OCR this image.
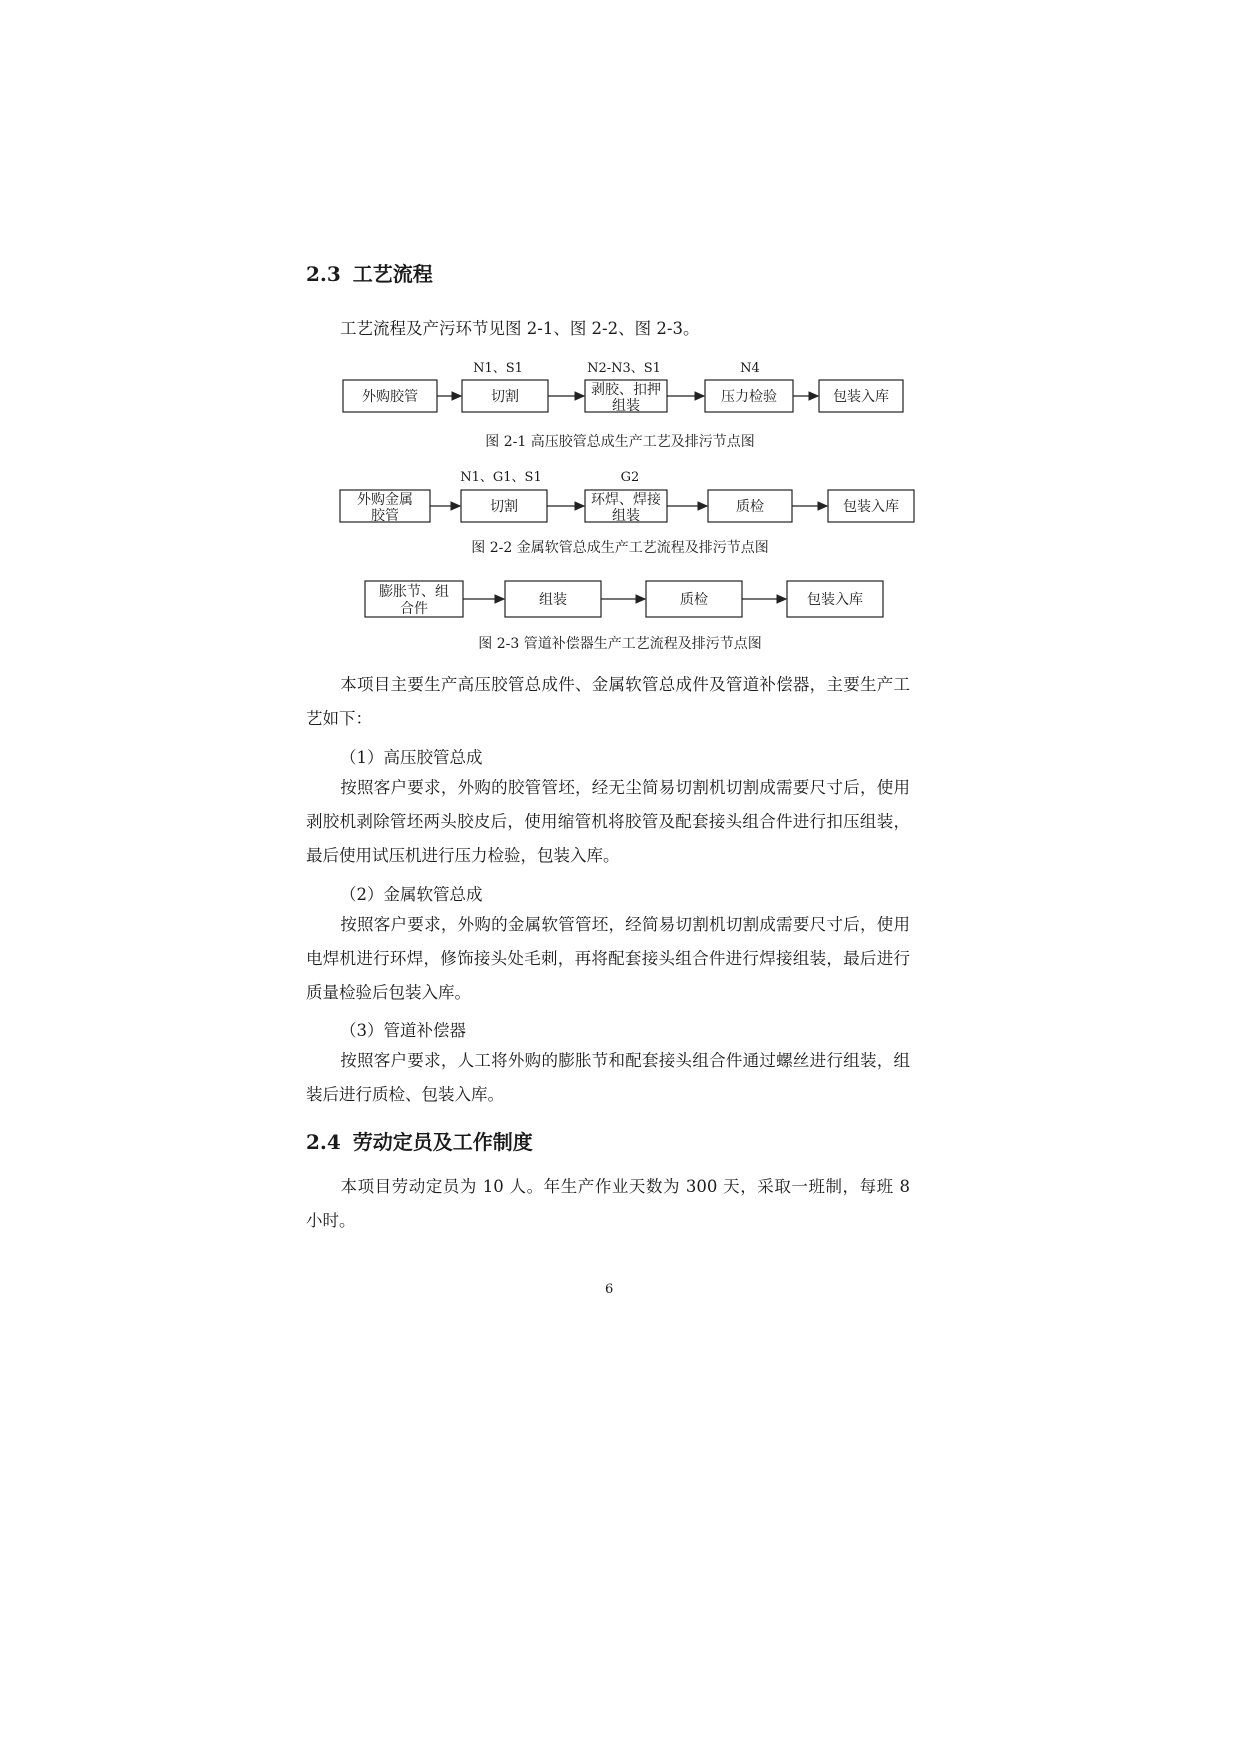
2.3 工艺流程

工艺流程及产污环节见图 2-1、图 2-2、图 2-3。

N1、S1	N2-N3、S1	N4
外购胶管	切割	剥胶、扣押
组装
压力检验	包装入库

图 2-1 高压胶管总成生产工艺及排污节点图

N1、G1、S1	G2
外购金属
胶管
切割	环焊、焊接
组装
质检	包装入库

图 2-2 金属软管总成生产工艺流程及排污节点图

膨胀节、组
合件
组装	质检	包装入库

图 2-3 管道补偿器生产工艺流程及排污节点图

本项目主要生产高压胶管总成件、金属软管总成件及管道补偿器，主要生产工艺如下：

（1）高压胶管总成

按照客户要求，外购的胶管管坯，经无尘简易切割机切割成需要尺寸后，使用剥胶机剥除管坯两头胶皮后，使用缩管机将胶管及配套接头组合件进行扣压组装，最后使用试压机进行压力检验，包装入库。

（2）金属软管总成

按照客户要求，外购的金属软管管坯，经简易切割机切割成需要尺寸后，使用电焊机进行环焊，修饰接头处毛刺，再将配套接头组合件进行焊接组装，最后进行质量检验后包装入库。

（3）管道补偿器

按照客户要求，人工将外购的膨胀节和配套接头组合件通过螺丝进行组装，组装后进行质检、包装入库。

2.4 劳动定员及工作制度

本项目劳动定员为 10 人。年生产作业天数为 300 天，采取一班制，每班 8 小时。

6
